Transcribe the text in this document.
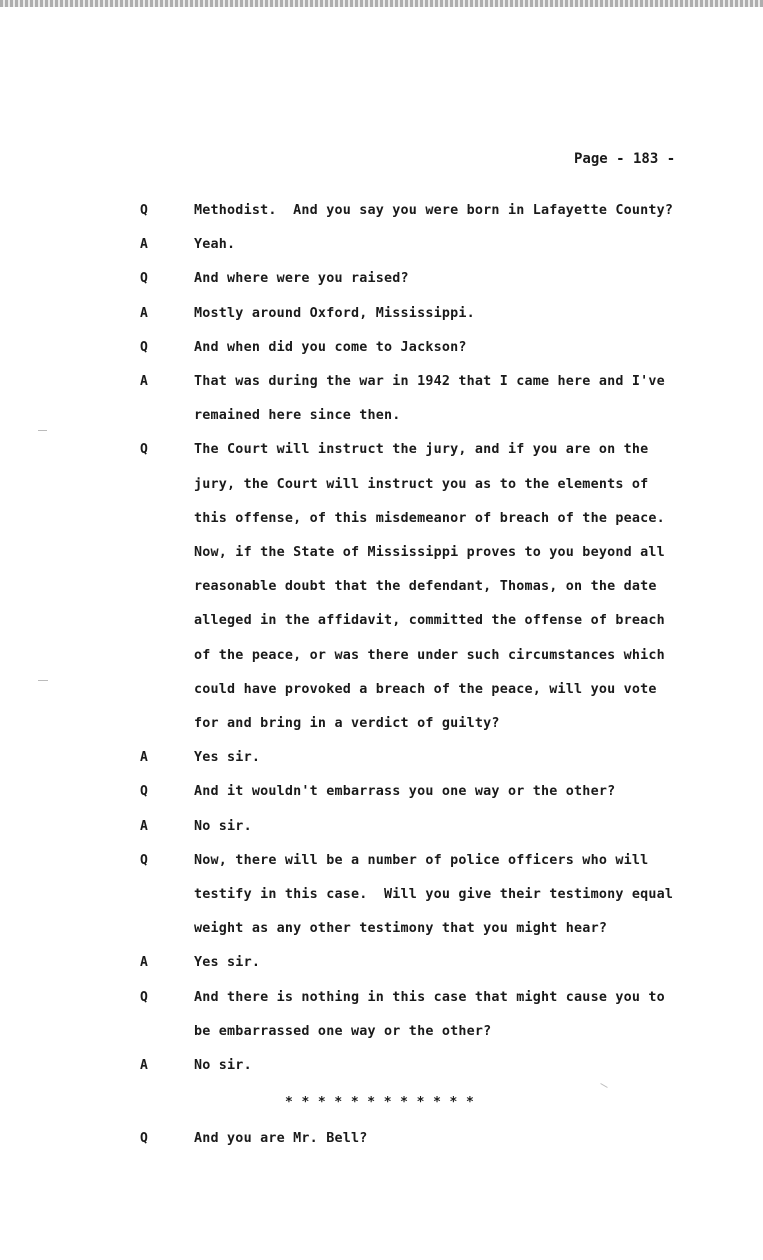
Page - 183 -
Q	Methodist.  And you say you were born in Lafayette County?
A	Yeah.
Q	And where were you raised?
A	Mostly around Oxford, Mississippi.
Q	And when did you come to Jackson?
A	That was during the war in 1942 that I came here and I've
remained here since then.
Q	The Court will instruct the jury, and if you are on the
jury, the Court will instruct you as to the elements of
this offense, of this misdemeanor of breach of the peace.
Now, if the State of Mississippi proves to you beyond all
reasonable doubt that the defendant, Thomas, on the date
alleged in the affidavit, committed the offense of breach
of the peace, or was there under such circumstances which
could have provoked a breach of the peace, will you vote
for and bring in a verdict of guilty?
A	Yes sir.
Q	And it wouldn't embarrass you one way or the other?
A	No sir.
Q	Now, there will be a number of police officers who will
testify in this case.  Will you give their testimony equal
weight as any other testimony that you might hear?
A	Yes sir.
Q	And there is nothing in this case that might cause you to
be embarrassed one way or the other?
A	No sir.
* * * * * * * * * * * *
Q	And you are Mr. Bell?
